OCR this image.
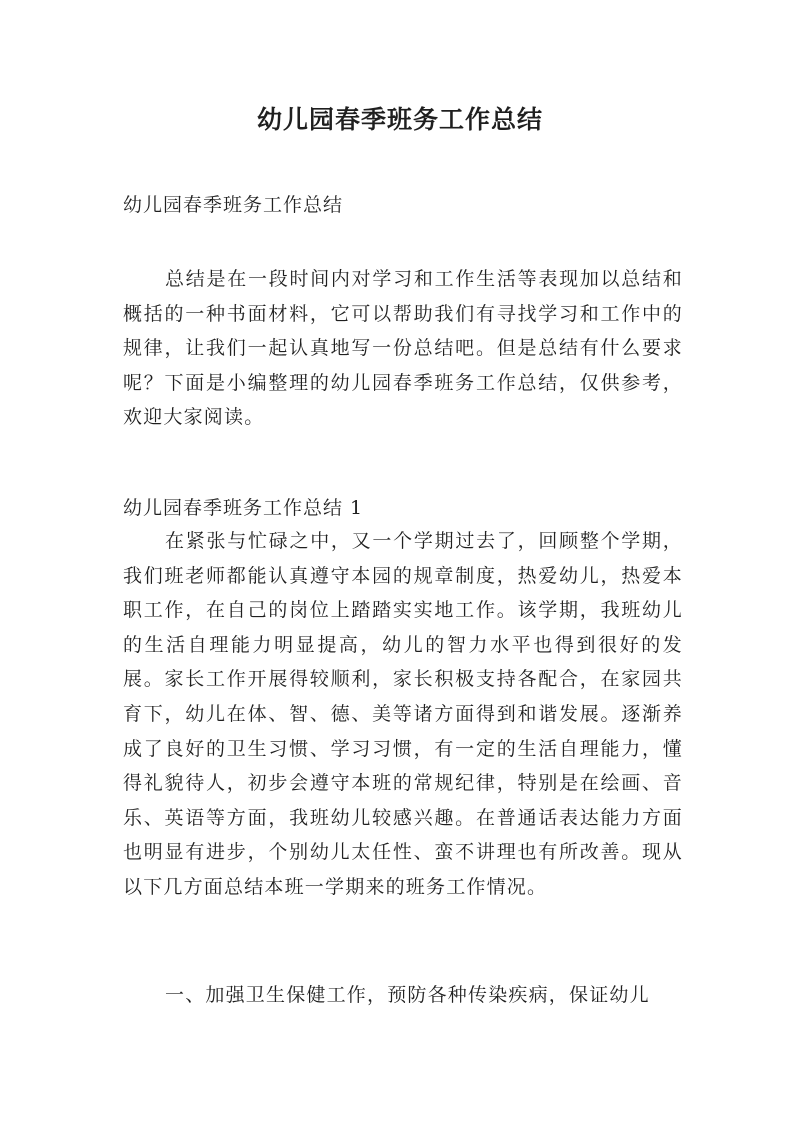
幼儿园春季班务工作总结
幼儿园春季班务工作总结

总结是在一段时间内对学习和工作生活等表现加以总结和概括的一种书面材料，它可以帮助我们有寻找学习和工作中的规律，让我们一起认真地写一份总结吧。但是总结有什么要求呢？下面是小编整理的幼儿园春季班务工作总结，仅供参考，欢迎大家阅读。

幼儿园春季班务工作总结 1

在紧张与忙碌之中，又一个学期过去了，回顾整个学期，我们班老师都能认真遵守本园的规章制度，热爱幼儿，热爱本职工作，在自己的岗位上踏踏实实地工作。该学期，我班幼儿的生活自理能力明显提高，幼儿的智力水平也得到很好的发展。家长工作开展得较顺利，家长积极支持各配合，在家园共育下，幼儿在体、智、德、美等诸方面得到和谐发展。逐渐养成了良好的卫生习惯、学习习惯，有一定的生活自理能力，懂得礼貌待人，初步会遵守本班的常规纪律，特别是在绘画、音乐、英语等方面，我班幼儿较感兴趣。在普通话表达能力方面也明显有进步，个别幼儿太任性、蛮不讲理也有所改善。现从以下几方面总结本班一学期来的班务工作情况。

一、加强卫生保健工作，预防各种传染疾病，保证幼儿
